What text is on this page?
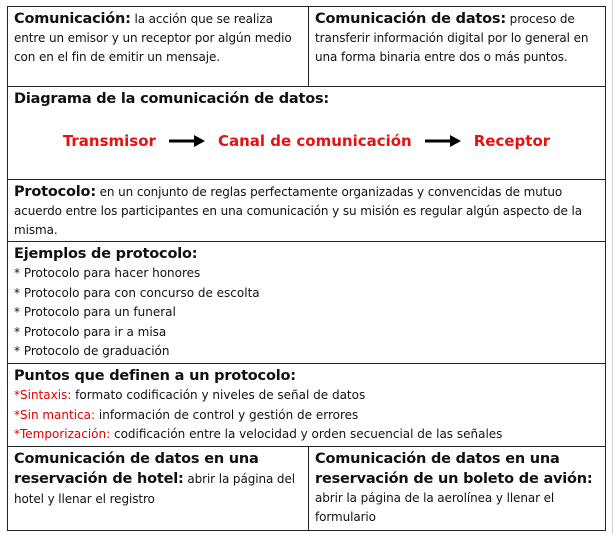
Comunicación: la acción que se realiza entre un emisor y un receptor por algún medio con en el fin de emitir un mensaje.
Comunicación de datos: proceso de transferir información digital por lo general en una forma binaria entre dos o más puntos.
Diagrama de la comunicación de datos:
Transmisor	Canal de comunicación	Receptor
Protocolo: en un conjunto de reglas perfectamente organizadas y convencidas de mutuo acuerdo entre los participantes en una comunicación y su misión es regular algún aspecto de la misma.
Ejemplos de protocolo:
* Protocolo para hacer honores
* Protocolo para con concurso de escolta
* Protocolo para un funeral
* Protocolo para ir a misa
* Protocolo de graduación
Puntos que definen a un protocolo:
*Sintaxis: formato codificación y niveles de señal de datos
*Sin mantica: información de control y gestión de errores
*Temporización: codificación entre la velocidad y orden secuencial de las señales
Comunicación de datos en una reservación de hotel: abrir la página del hotel y llenar el registro
Comunicación de datos en una reservación de un boleto de avión:
abrir la página de la aerolínea y llenar el formulario
